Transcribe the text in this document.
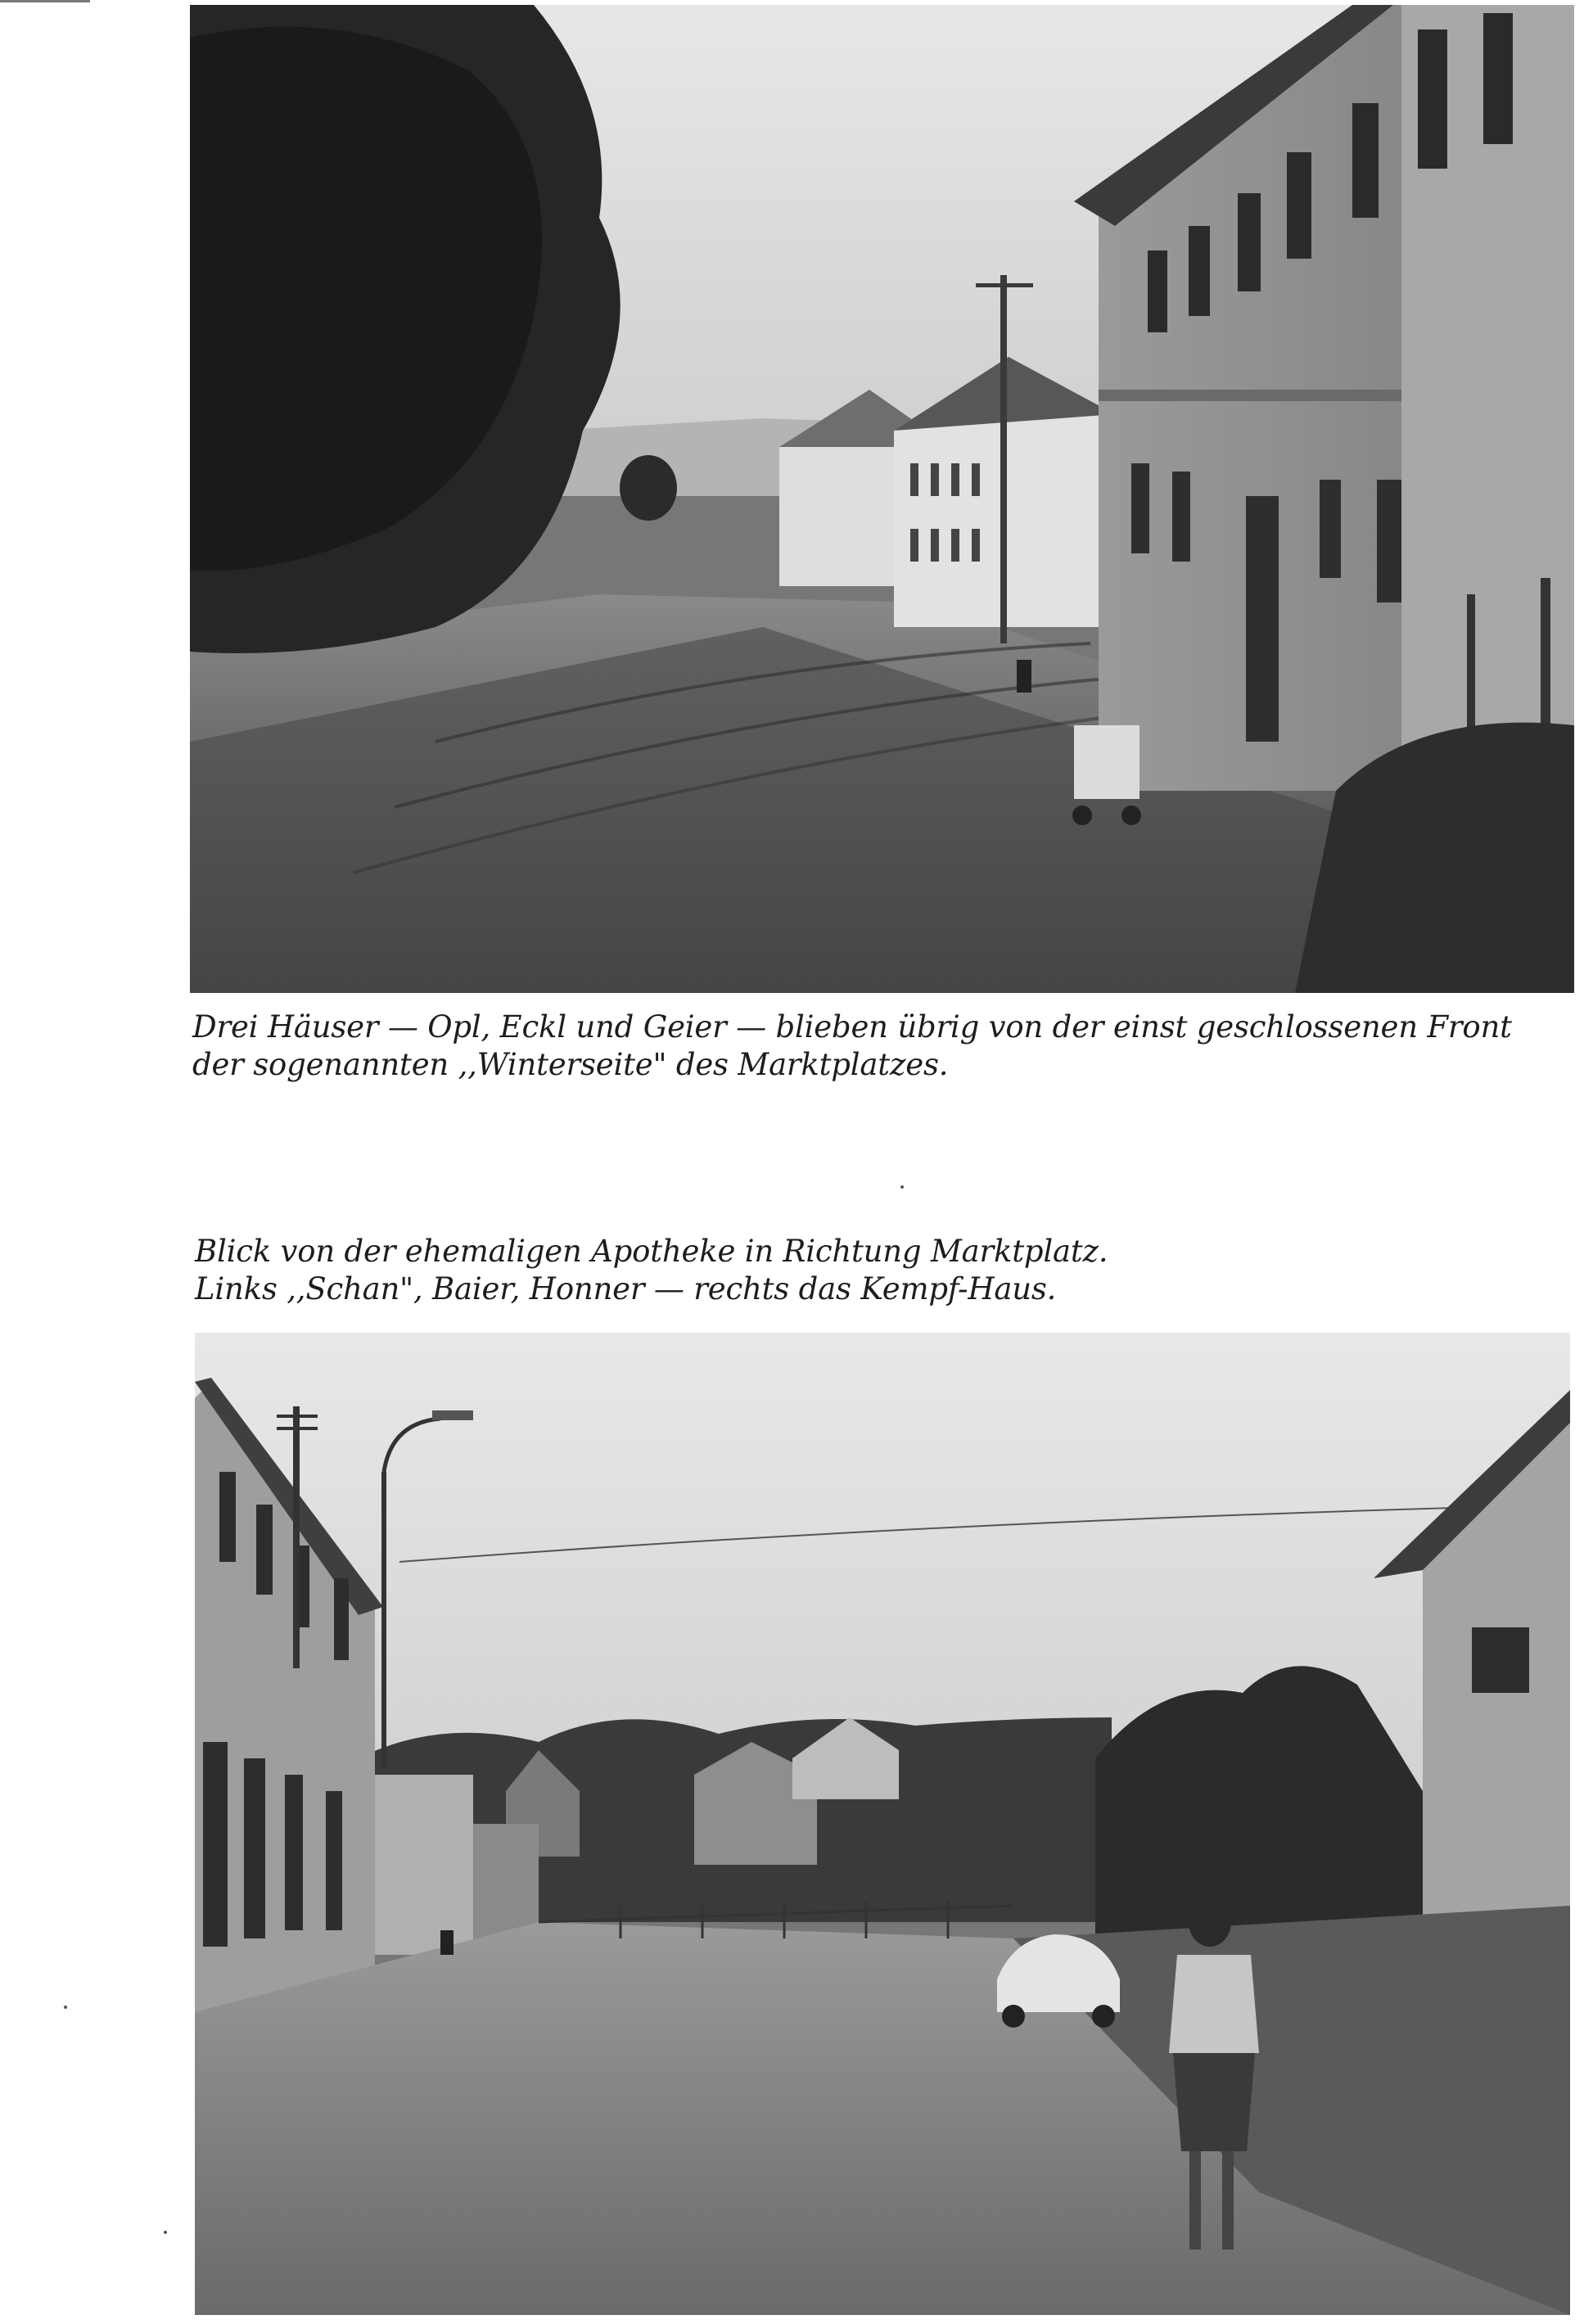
Drei Häuser — Opl, Eckl und Geier — blieben übrig von der einst geschlossenen Front
der sogenannten ,,Winterseite" des Marktplatzes.
Blick von der ehemaligen Apotheke in Richtung Marktplatz.
Links ,,Schan", Baier, Honner — rechts das Kempf-Haus.
